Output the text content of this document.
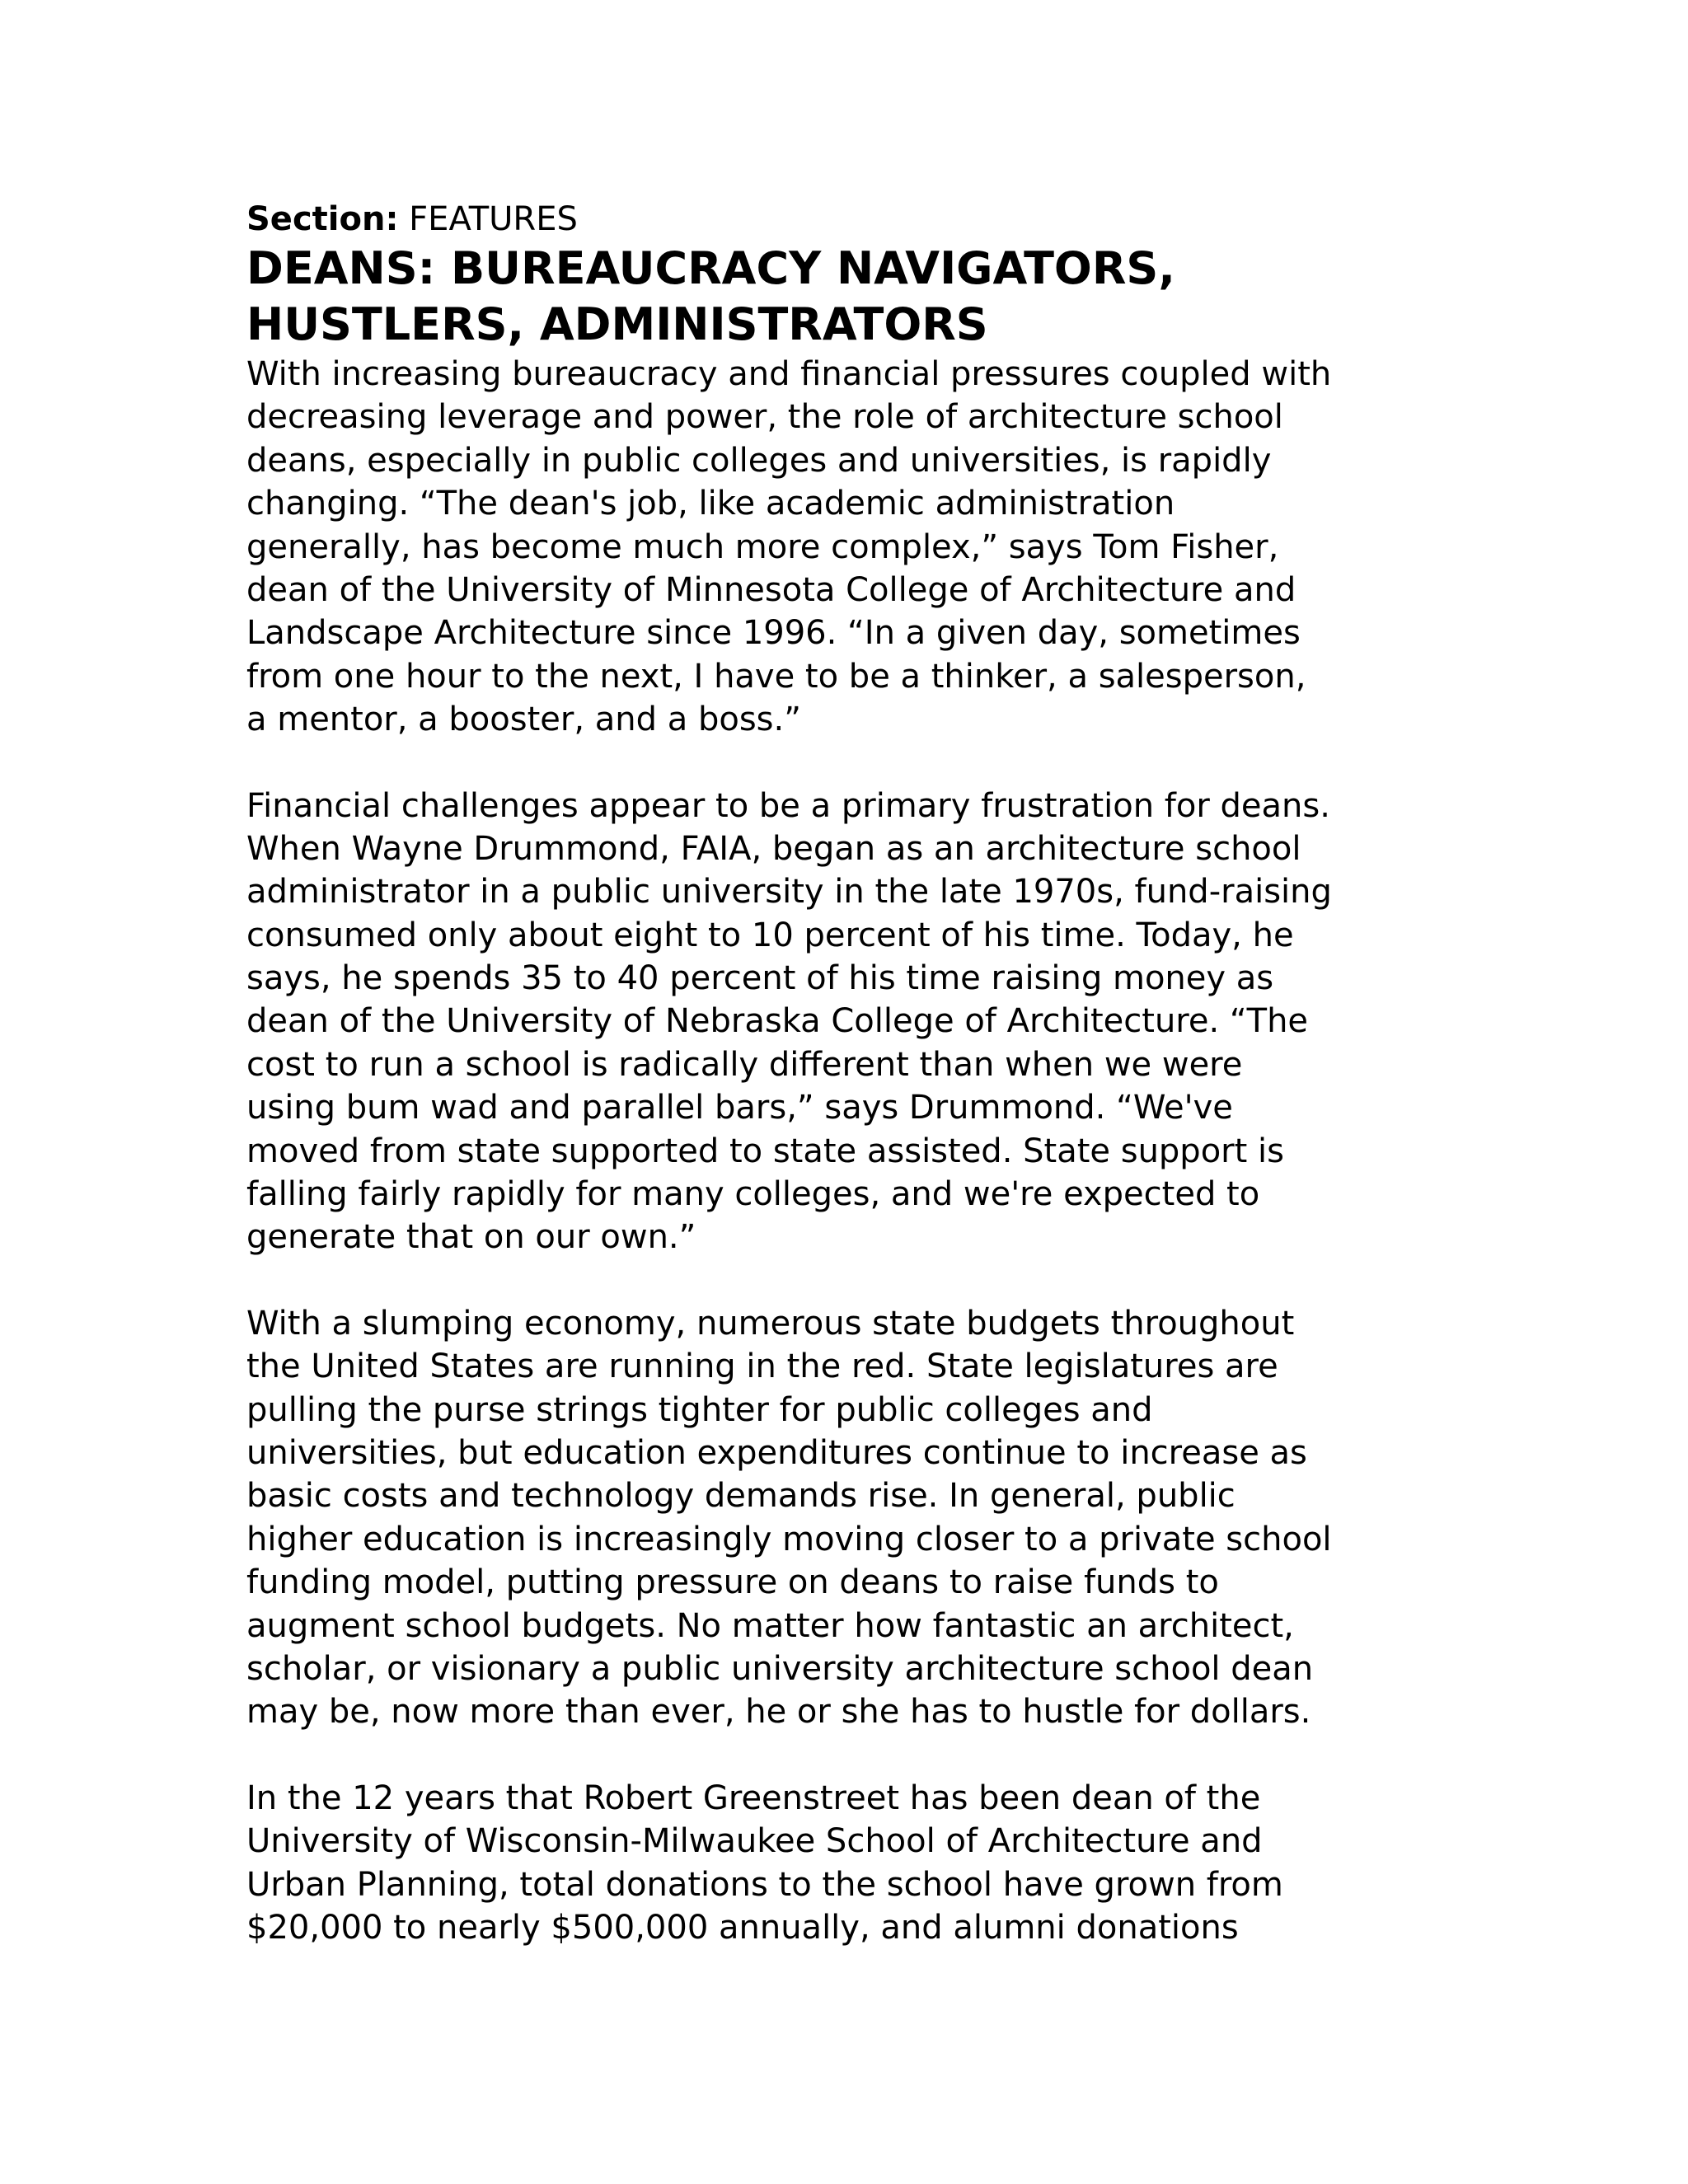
Section: FEATURES

DEANS: BUREAUCRACY NAVIGATORS,
HUSTLERS, ADMINISTRATORS
With increasing bureaucracy and financial pressures coupled with
decreasing leverage and power, the role of architecture school
deans, especially in public colleges and universities, is rapidly
changing. “The dean's job, like academic administration
generally, has become much more complex,” says Tom Fisher,
dean of the University of Minnesota College of Architecture and
Landscape Architecture since 1996. “In a given day, sometimes
from one hour to the next, I have to be a thinker, a salesperson,
a mentor, a booster, and a boss.”
Financial challenges appear to be a primary frustration for deans.
When Wayne Drummond, FAIA, began as an architecture school
administrator in a public university in the late 1970s, fund-raising
consumed only about eight to 10 percent of his time. Today, he
says, he spends 35 to 40 percent of his time raising money as
dean of the University of Nebraska College of Architecture. “The
cost to run a school is radically different than when we were
using bum wad and parallel bars,” says Drummond. “We've
moved from state supported to state assisted. State support is
falling fairly rapidly for many colleges, and we're expected to
generate that on our own.”
With a slumping economy, numerous state budgets throughout
the United States are running in the red. State legislatures are
pulling the purse strings tighter for public colleges and
universities, but education expenditures continue to increase as
basic costs and technology demands rise. In general, public
higher education is increasingly moving closer to a private school
funding model, putting pressure on deans to raise funds to
augment school budgets. No matter how fantastic an architect,
scholar, or visionary a public university architecture school dean
may be, now more than ever, he or she has to hustle for dollars.
In the 12 years that Robert Greenstreet has been dean of the
University of Wisconsin-Milwaukee School of Architecture and
Urban Planning, total donations to the school have grown from
$20,000 to nearly $500,000 annually, and alumni donations
